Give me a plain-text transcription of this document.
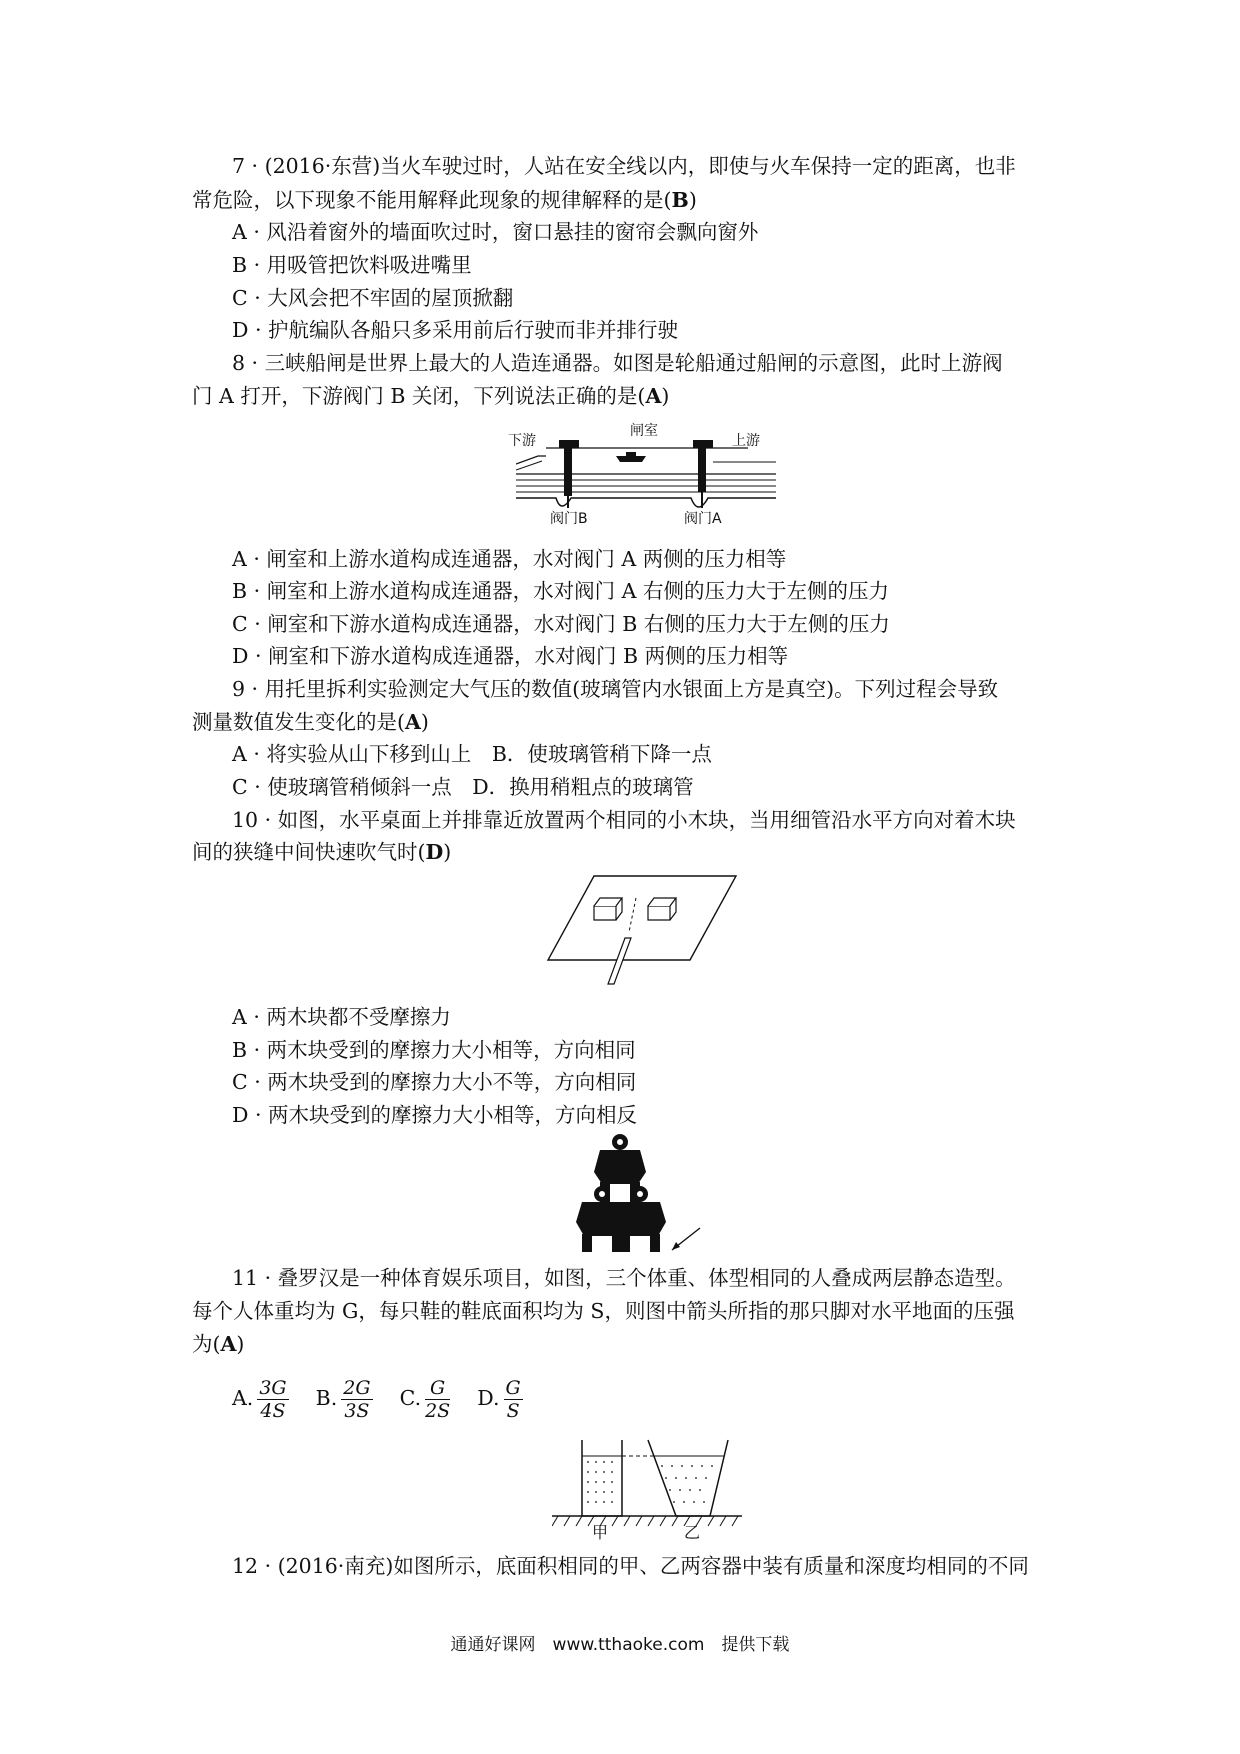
7 · (2016·东营)当火车驶过时，人站在安全线以内，即使与火车保持一定的距离，也非
常危险，以下现象不能用解释此现象的规律解释的是(B)
A · 风沿着窗外的墙面吹过时，窗口悬挂的窗帘会飘向窗外
B · 用吸管把饮料吸进嘴里
C · 大风会把不牢固的屋顶掀翻
D · 护航编队各船只多采用前后行驶而非并排行驶
8 · 三峡船闸是世界上最大的人造连通器。如图是轮船通过船闸的示意图，此时上游阀
门 A 打开，下游阀门 B 关闭，下列说法正确的是(A)
下游
闸室
上游
阀门B	阀门A
A · 闸室和上游水道构成连通器，水对阀门 A 两侧的压力相等
B · 闸室和上游水道构成连通器，水对阀门 A 右侧的压力大于左侧的压力
C · 闸室和下游水道构成连通器，水对阀门 B 右侧的压力大于左侧的压力
D · 闸室和下游水道构成连通器，水对阀门 B 两侧的压力相等
9 · 用托里拆利实验测定大气压的数值(玻璃管内水银面上方是真空)。下列过程会导致
测量数值发生变化的是(A)
A · 将实验从山下移到山上　B．使玻璃管稍下降一点
C · 使玻璃管稍倾斜一点　D．换用稍粗点的玻璃管
10 · 如图，水平桌面上并排靠近放置两个相同的小木块，当用细管沿水平方向对着木块
间的狭缝中间快速吹气时(D)
A · 两木块都不受摩擦力
B · 两木块受到的摩擦力大小相等，方向相同
C · 两木块受到的摩擦力大小不等，方向相同
D · 两木块受到的摩擦力大小相等，方向相反
11 · 叠罗汉是一种体育娱乐项目，如图，三个体重、体型相同的人叠成两层静态造型。
每个人体重均为 G，每只鞋的鞋底面积均为 S，则图中箭头所指的那只脚对水平地面的压强
为(A)
A. $\frac{3G}{4S} B$. $\frac{2G}{3S} C$. $\frac{G}{2S} D$. $\frac{G}{S}$
甲	乙
12 · (2016·南充)如图所示，底面积相同的甲、乙两容器中装有质量和深度均相同的不同
通通好课网　www.tthaoke.com　提供下载
